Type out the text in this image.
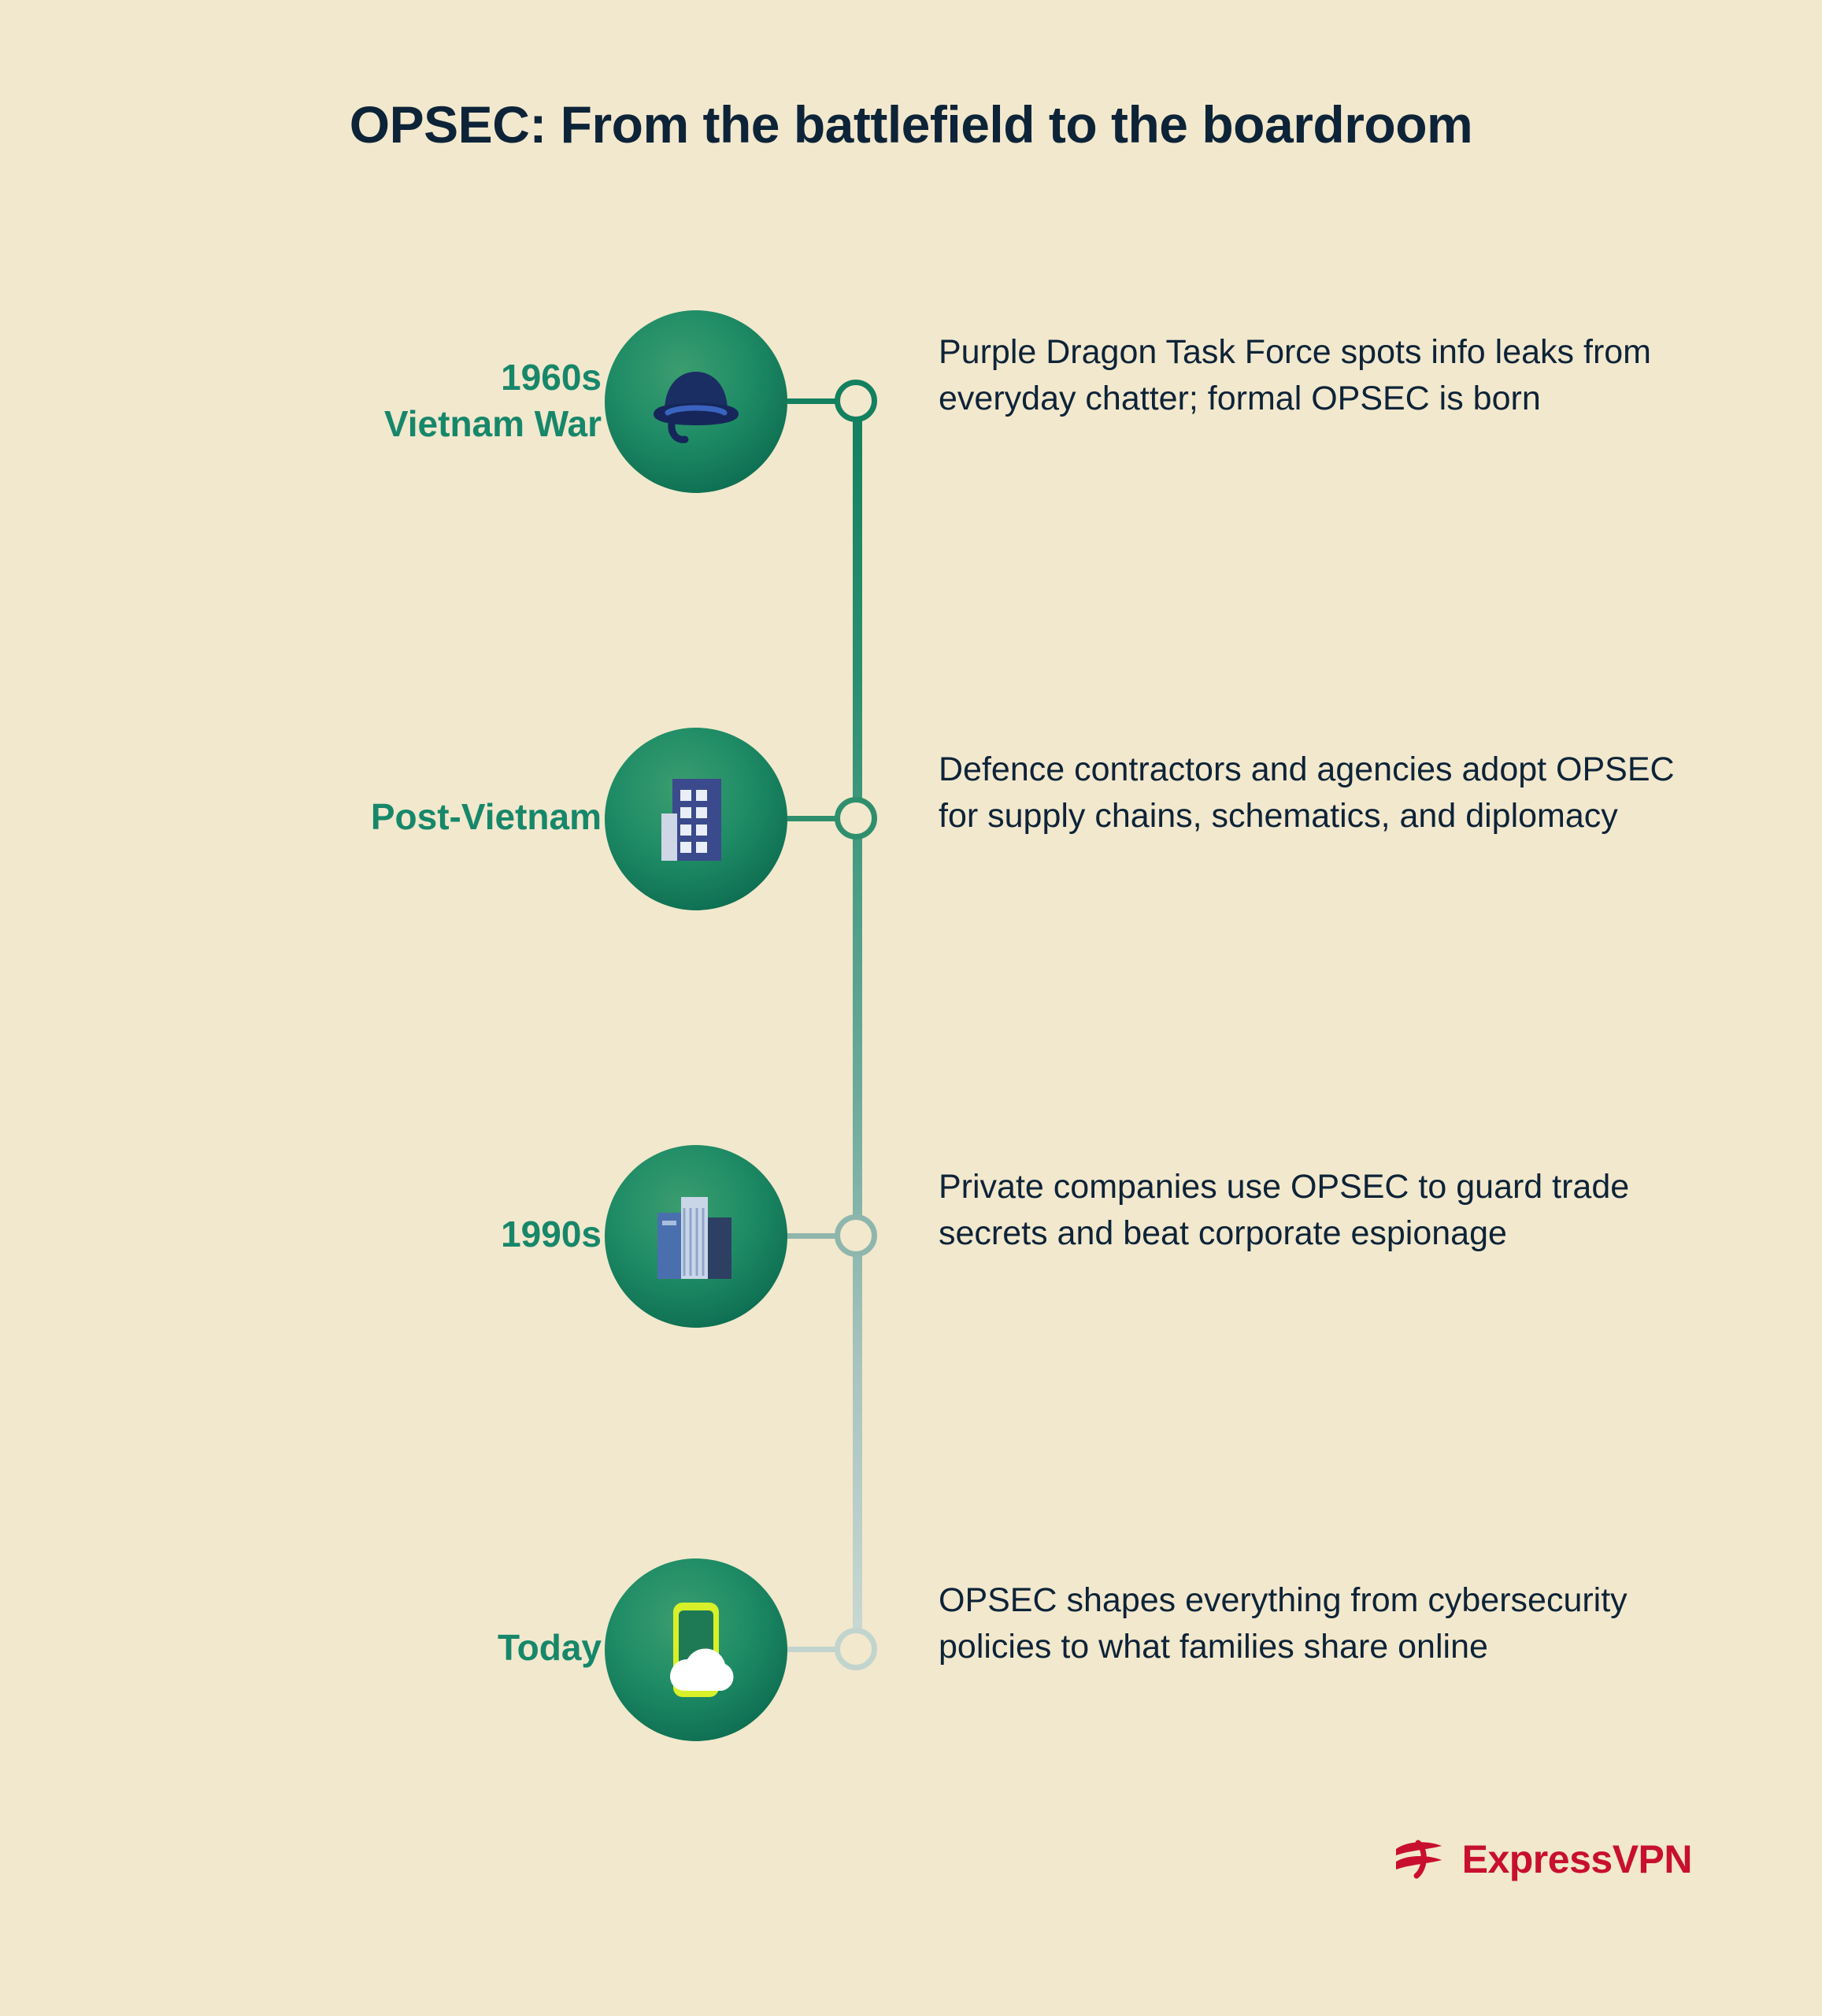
OPSEC: From the battlefield to the boardroom
1960s
Vietnam War
Purple Dragon Task Force spots info leaks from everyday chatter; formal OPSEC is born
Post-Vietnam
Defence contractors and agencies adopt OPSEC for supply chains, schematics, and diplomacy
1990s
Private companies use OPSEC to guard trade secrets and beat corporate espionage
Today
OPSEC shapes everything from cybersecurity policies to what families share online
ExpressVPN
